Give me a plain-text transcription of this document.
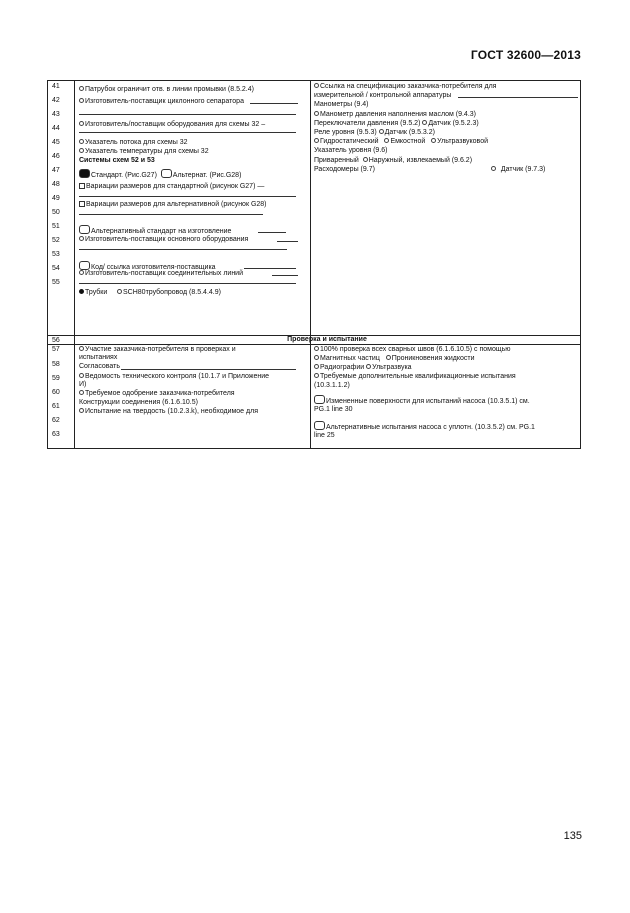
ГОСТ 32600—2013
41
42
43
44
45
46
47
48
49
50
51
52
53
54
55
56
57
58
59
60
61
62
63
Патрубок ограничит отв. в линии промывки (8.5.2.4)
Изготовитель-поставщик циклонного сепаратора
Изготовитель/поставщик оборудования для схемы 32 –
Указатель потока для схемы 32
Указатель температуры для схемы 32
Системы схем 52 и 53
Стандарт. (Рис.G27) Альтернат. (Рис.G28)
Вариации размеров для стандартной (рисунок G27) —
Вариации размеров для альтернативной (рисунок G28)
Альтернативный стандарт на изготовление
Изготовитель-поставщик основного оборудования
Код/ ссылка изготовителя-поставщика
Изготовитель-поставщик соединительных линий
Трубки SCH80трубопровод (8.5.4.4.9)
Ссылка на спецификацию заказчика-потребителя для
измерительной / контрольной аппаратуры
Манометры (9.4)
Манометр давления наполнения маслом (9.4.3)
Переключатели давления (9.5.2) Датчик (9.5.2.3)
Реле уровня (9.5.3) Датчик (9.5.3.2)
Гидростатический Емкостной Ультразвуковой
Указатель уровня (9.6)
Приваренный Наружный, извлекаемый (9.6.2)
Расходомеры (9.7)	Датчик (9.7.3)
Проверка и испытание
Участие заказчика-потребителя в проверках и
испытаниях
Согласовать
Ведомость технического контроля (10.1.7 и Приложение
И)
Требуемое одобрение заказчика-потребителя
Конструкции соединения (6.1.6.10.5)
Испытание на твердость (10.2.3.k), необходимое для
100% проверка всех сварных швов (6.1.6.10.5) с помощью
Магнитных частиц Проникновения жидкости
Радиографии Ультразвука
Требуемые дополнительные квалификационные испытания
(10.3.1.1.2)
Измененные поверхности для испытаний насоса (10.3.5.1) см.
PG.1 line 30
Альтернативные испытания насоса с уплотн. (10.3.5.2) см. PG.1
line 25
135
